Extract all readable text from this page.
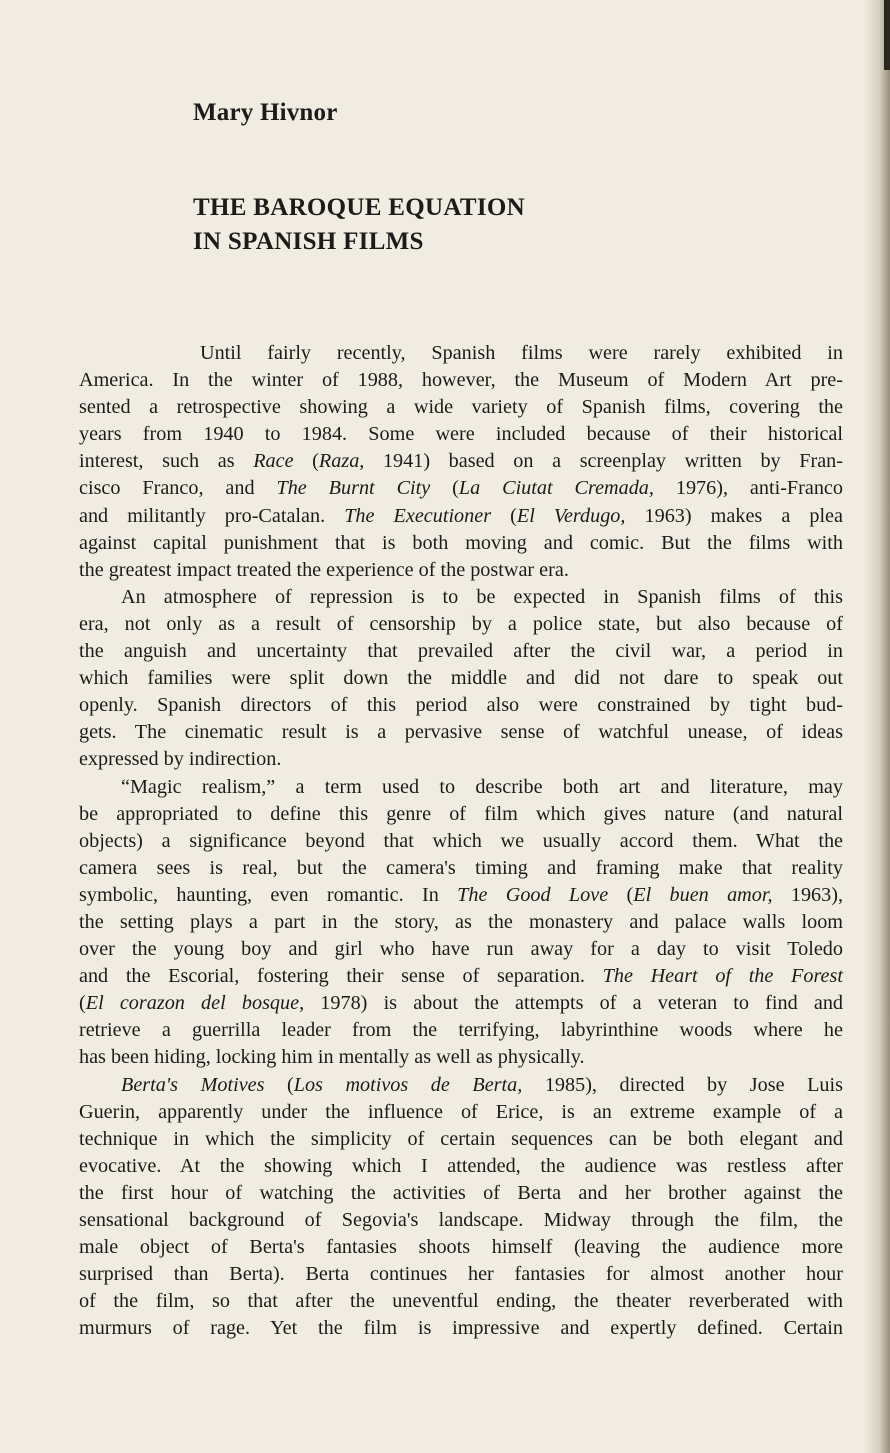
Mary Hivnor
THE BAROQUE EQUATION
IN SPANISH FILMS
Until fairly recently, Spanish films were rarely exhibited in
America. In the winter of 1988, however, the Museum of Modern Art pre-
sented a retrospective showing a wide variety of Spanish films, covering the
years from 1940 to 1984. Some were included because of their historical
interest, such as Race (Raza, 1941) based on a screenplay written by Fran-
cisco Franco, and The Burnt City (La Ciutat Cremada, 1976), anti-Franco
and militantly pro-Catalan. The Executioner (El Verdugo, 1963) makes a plea
against capital punishment that is both moving and comic. But the films with
the greatest impact treated the experience of the postwar era.
An atmosphere of repression is to be expected in Spanish films of this
era, not only as a result of censorship by a police state, but also because of
the anguish and uncertainty that prevailed after the civil war, a period in
which families were split down the middle and did not dare to speak out
openly. Spanish directors of this period also were constrained by tight bud-
gets. The cinematic result is a pervasive sense of watchful unease, of ideas
expressed by indirection.
“Magic realism,” a term used to describe both art and literature, may
be appropriated to define this genre of film which gives nature (and natural
objects) a significance beyond that which we usually accord them. What the
camera sees is real, but the camera's timing and framing make that reality
symbolic, haunting, even romantic. In The Good Love (El buen amor, 1963),
the setting plays a part in the story, as the monastery and palace walls loom
over the young boy and girl who have run away for a day to visit Toledo
and the Escorial, fostering their sense of separation. The Heart of the Forest
(El corazon del bosque, 1978) is about the attempts of a veteran to find and
retrieve a guerrilla leader from the terrifying, labyrinthine woods where he
has been hiding, locking him in mentally as well as physically.
Berta's Motives (Los motivos de Berta, 1985), directed by Jose Luis
Guerin, apparently under the influence of Erice, is an extreme example of a
technique in which the simplicity of certain sequences can be both elegant and
evocative. At the showing which I attended, the audience was restless after
the first hour of watching the activities of Berta and her brother against the
sensational background of Segovia's landscape. Midway through the film, the
male object of Berta's fantasies shoots himself (leaving the audience more
surprised than Berta). Berta continues her fantasies for almost another hour
of the film, so that after the uneventful ending, the theater reverberated with
murmurs of rage. Yet the film is impressive and expertly defined. Certain
